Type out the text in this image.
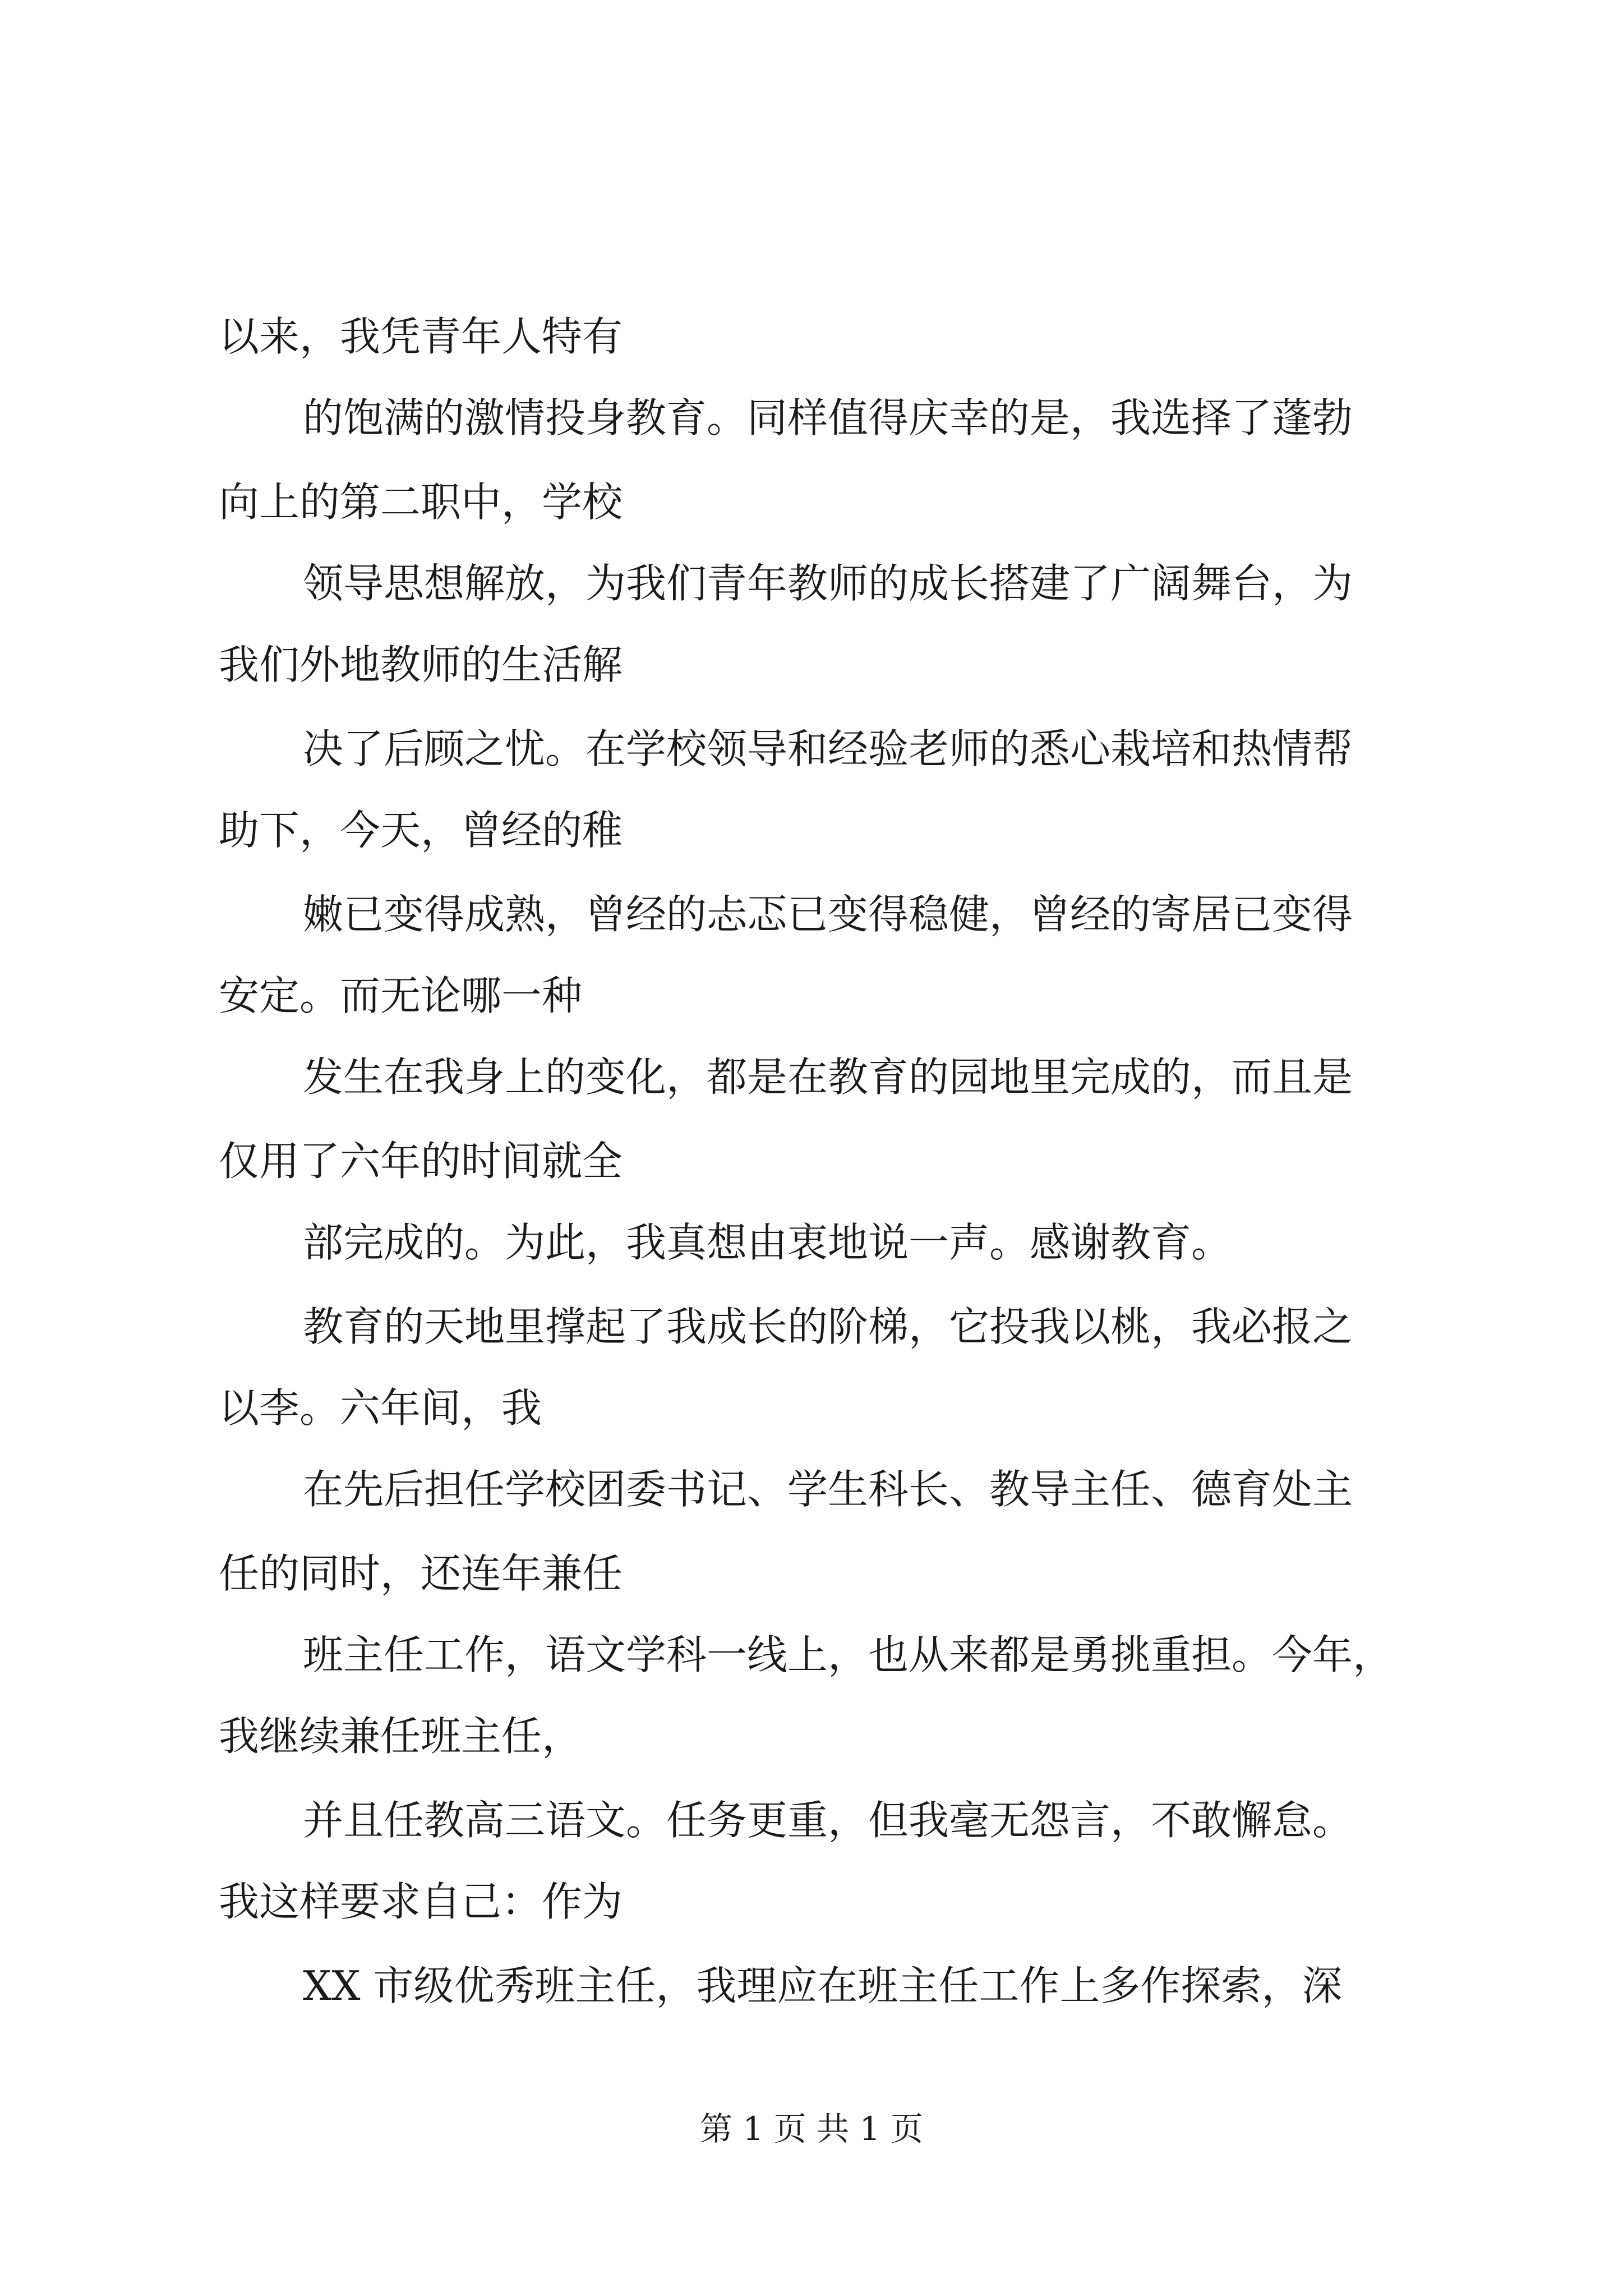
以来，我凭青年人特有
的饱满的激情投身教育。同样值得庆幸的是，我选择了蓬勃
向上的第二职中，学校
领导思想解放，为我们青年教师的成长搭建了广阔舞台，为
我们外地教师的生活解
决了后顾之忧。在学校领导和经验老师的悉心栽培和热情帮
助下，今天，曾经的稚
嫩已变得成熟，曾经的忐忑已变得稳健，曾经的寄居已变得
安定。而无论哪一种
发生在我身上的变化，都是在教育的园地里完成的，而且是
仅用了六年的时间就全
部完成的。为此，我真想由衷地说一声。感谢教育。
教育的天地里撑起了我成长的阶梯，它投我以桃，我必报之
以李。六年间，我
在先后担任学校团委书记、学生科长、教导主任、德育处主
任的同时，还连年兼任
班主任工作，语文学科一线上，也从来都是勇挑重担。今年，
我继续兼任班主任，
并且任教高三语文。任务更重，但我毫无怨言，不敢懈怠。
我这样要求自己：作为
XX 市级优秀班主任，我理应在班主任工作上多作探索，深
第 1 页 共 1 页
